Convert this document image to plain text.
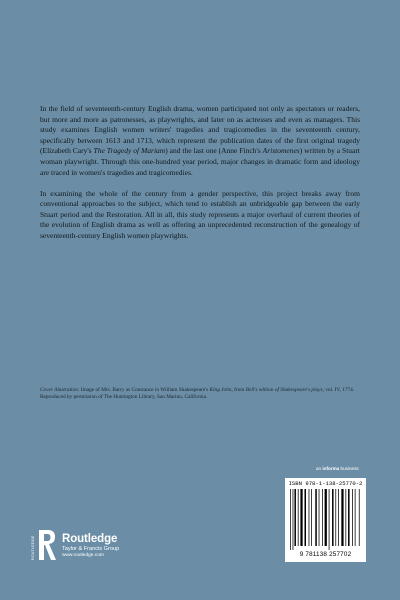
In the field of seventeenth-century English drama, women participated not only as spectators or readers, but more and more as patronesses, as playwrights, and later on as actresses and even as managers. This study examines English women writers' tragedies and tragicomedies in the seventeenth century, specifically between 1613 and 1713, which represent the publication dates of the first original tragedy (Elizabeth Cary's The Tragedy of Mariam) and the last one (Anne Finch's Aristomenes) written by a Stuart woman playwright. Through this one-hundred year period, major changes in dramatic form and ideology are traced in women's tragedies and tragicomedies.

In examining the whole of the century from a gender perspective, this project breaks away from conventional approaches to the subject, which tend to establish an unbridgeable gap between the early Stuart period and the Restoration. All in all, this study represents a major overhaul of current theories of the evolution of English drama as well as offering an unprecedented reconstruction of the genealogy of seventeenth-century English women playwrights.

Cover illustration: Image of Mrs. Barry as Constance in William Shakespeare's King John, from Bell's edition of Shakespeare's plays, vol. IV, 1774. Reproduced by permission of The Huntington Library, San Marino, California.
an informa business
ISBN 978-1-138-25770-2
9 781138 257702
ROUTLEDGE Routledge
Taylor & Francis Group
www.routledge.com
